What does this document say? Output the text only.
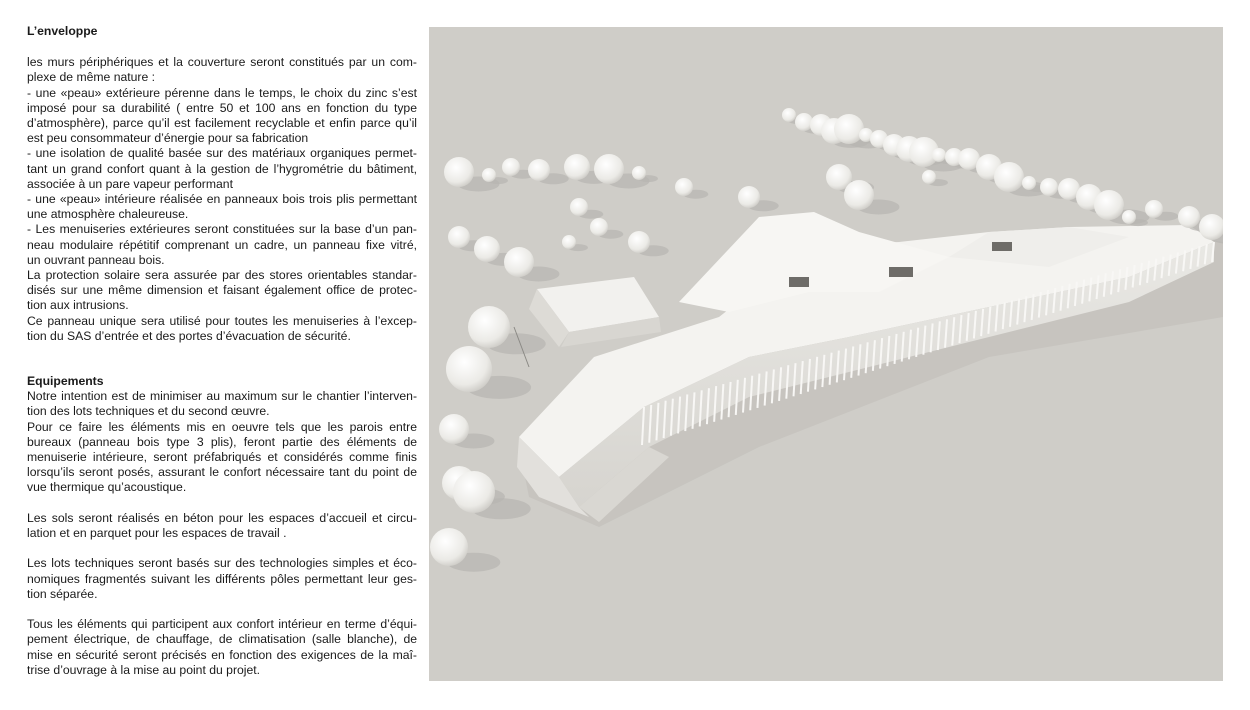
L’enveloppe
les murs périphériques et la couverture seront constitués par un com-
plexe de même nature :
- une «peau» extérieure pérenne dans le temps, le choix du zinc s’est
imposé pour sa durabilité ( entre 50 et 100 ans en fonction du type
d’atmosphère), parce qu’il est facilement recyclable et enfin parce qu’il
est peu consommateur d’énergie pour sa fabrication
- une isolation de qualité basée sur des matériaux organiques permet-
tant un grand confort quant à la gestion de l’hygrométrie du bâtiment,
associée à un pare vapeur performant
- une «peau» intérieure réalisée en panneaux bois trois plis permettant
une atmosphère chaleureuse.
- Les menuiseries extérieures seront constituées sur la base d’un pan-
neau modulaire répétitif comprenant un cadre, un panneau fixe vitré,
un ouvrant panneau bois.
La protection solaire sera assurée par des stores orientables standar-
disés sur une même dimension et faisant également office de protec-
tion aux intrusions.
Ce panneau unique sera utilisé pour toutes les menuiseries à l’excep-
tion du SAS d’entrée et des portes d’évacuation de sécurité.
Equipements
Notre intention est de minimiser au maximum sur le chantier l’interven-
tion des lots techniques et du second œuvre.
Pour ce faire les éléments mis en oeuvre tels que les parois entre
bureaux (panneau bois type 3 plis), feront partie des éléments de
menuiserie intérieure, seront préfabriqués et considérés comme finis
lorsqu’ils seront posés, assurant le confort nécessaire tant du point de
vue thermique qu’acoustique.
Les sols seront réalisés en béton pour les espaces d’accueil et circu-
lation et en parquet pour les espaces de travail .
Les lots techniques seront basés sur des technologies simples et éco-
nomiques fragmentés suivant les différents pôles permettant leur ges-
tion séparée.
Tous les éléments qui participent aux confort intérieur en terme d’équi-
pement électrique, de chauffage, de climatisation (salle blanche), de
mise en sécurité seront précisés en fonction des exigences de la maî-
trise d’ouvrage à la mise au point du projet.
